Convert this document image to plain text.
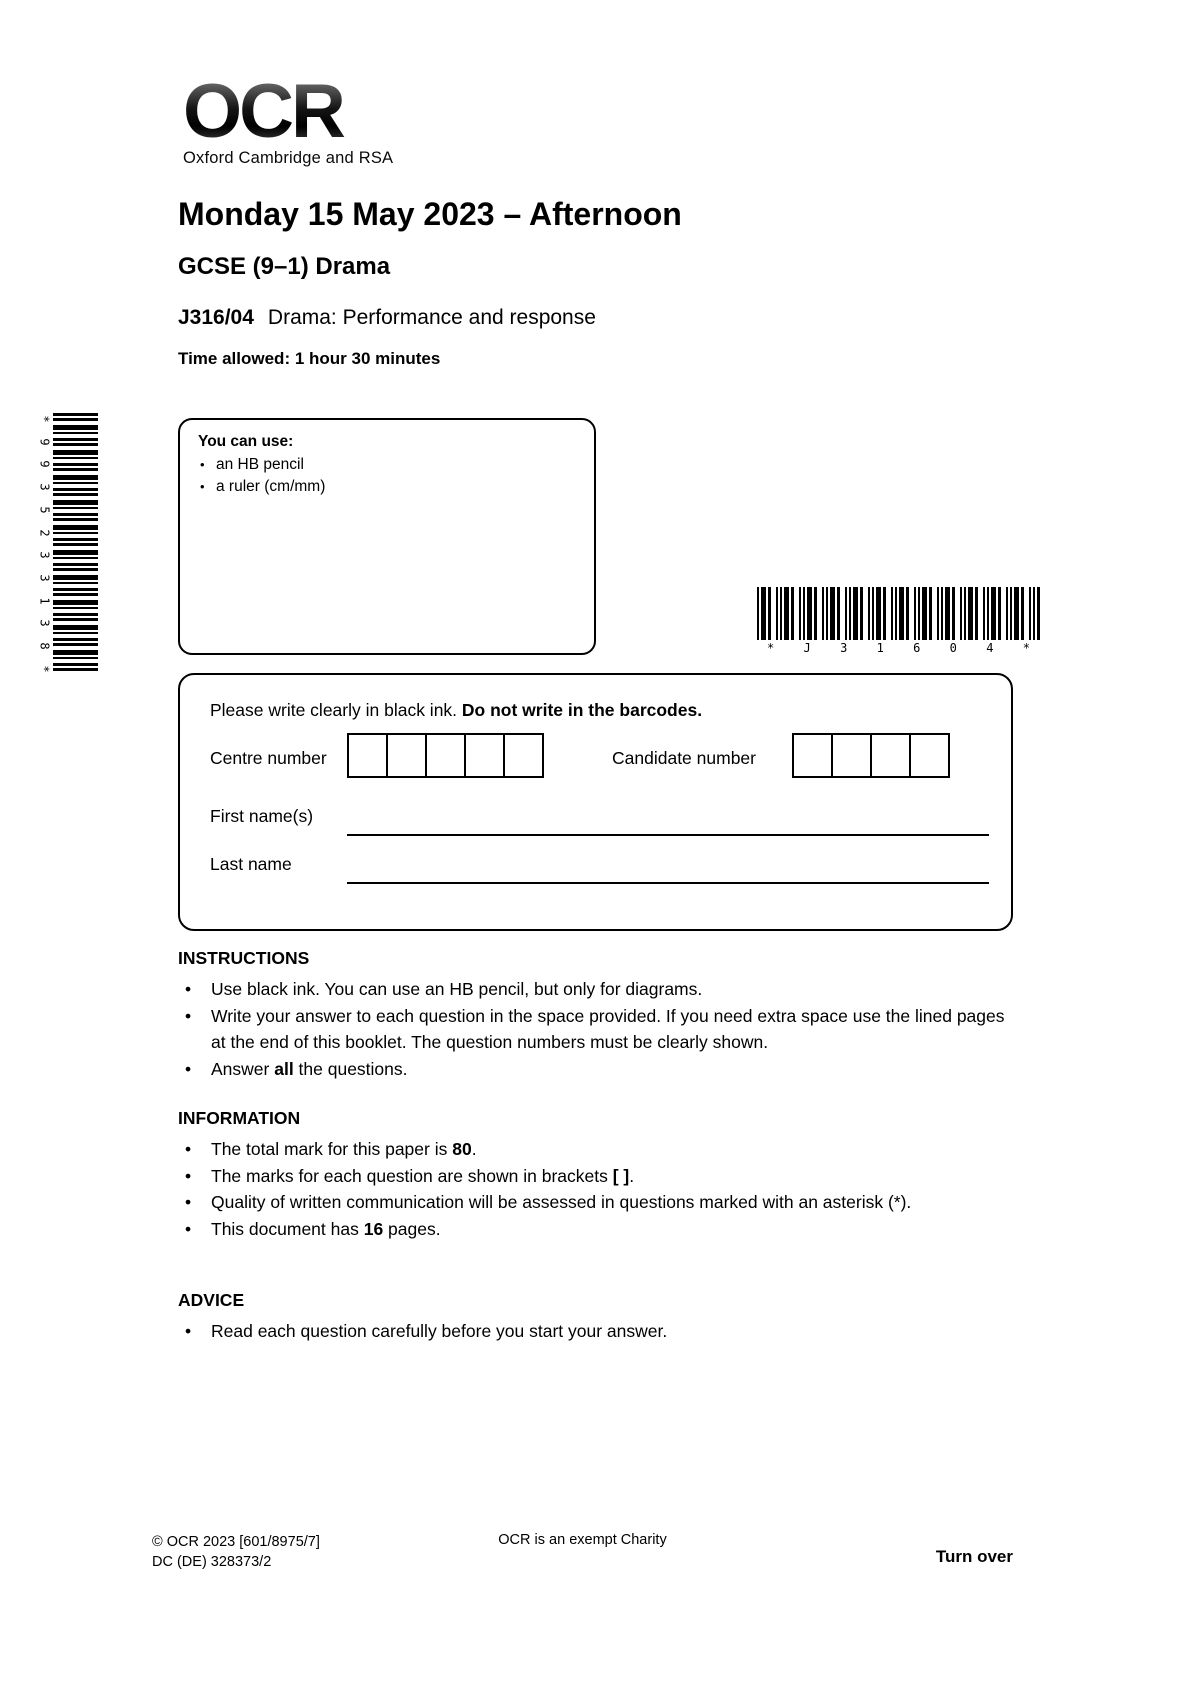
*
9
9
3
5
2
3
3
1
3
8
*
OCR
Oxford Cambridge and RSA
Monday 15 May 2023 – Afternoon
GCSE (9–1) Drama
J316/04 Drama: Performance and response
Time allowed: 1 hour 30 minutes
You can use:
• an HB pencil
• a ruler (cm/mm)
* J 3 1 6 0 4 *
Please write clearly in black ink. Do not write in the barcodes.
Centre number	Candidate number
First name(s)
Last name
INSTRUCTIONS
• Use black ink. You can use an HB pencil, but only for diagrams.
• Write your answer to each question in the space provided. If you need extra space use the lined pages at the end of this booklet. The question numbers must be clearly shown.
• Answer all the questions.
INFORMATION
• The total mark for this paper is 80.
• The marks for each question are shown in brackets [ ].
• Quality of written communication will be assessed in questions marked with an asterisk (*).
• This document has 16 pages.
ADVICE
• Read each question carefully before you start your answer.
© OCR 2023 [601/8975/7]
DC (DE) 328373/2
OCR is an exempt Charity
Turn over
